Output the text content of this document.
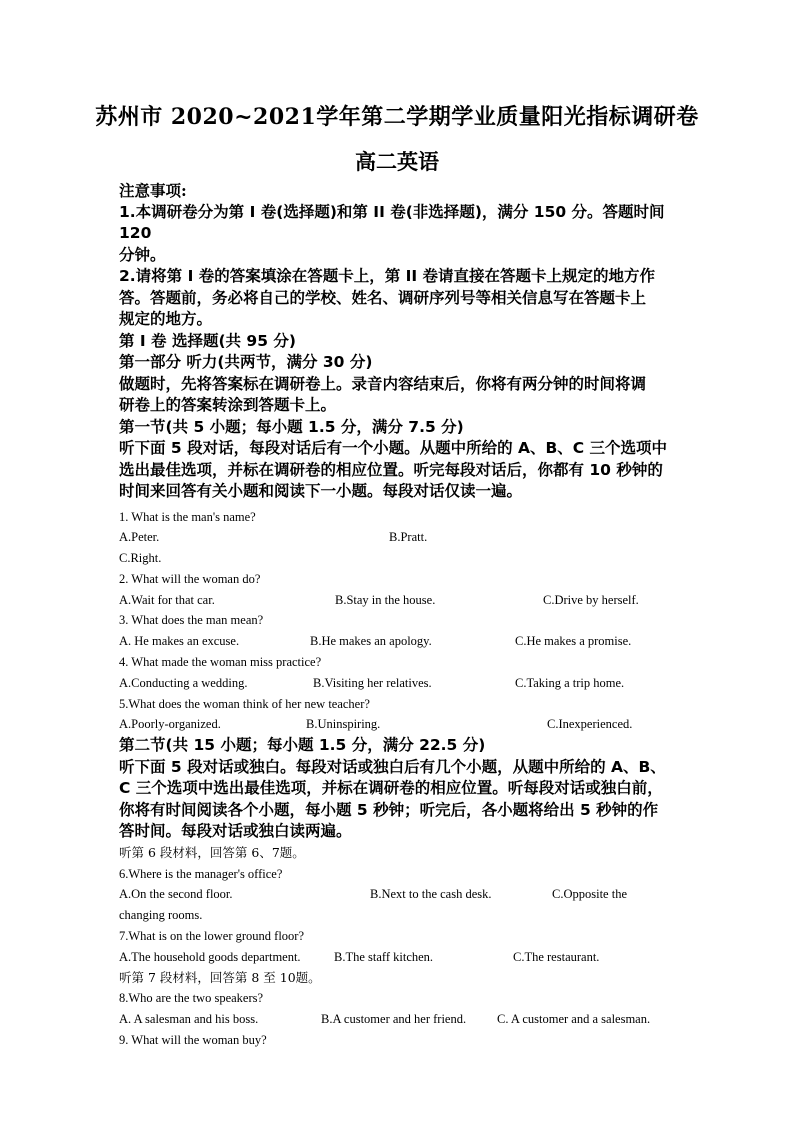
苏州市 2020~2021学年第二学期学业质量阳光指标调研卷
高二英语
注意事项:
1.本调研卷分为第 I 卷(选择题)和第 II 卷(非选择题)，满分 150 分。答题时间 120
分钟。
2.请将第 I 卷的答案填涂在答题卡上，第 II 卷请直接在答题卡上规定的地方作
答。答题前，务必将自己的学校、姓名、调研序列号等相关信息写在答题卡上
规定的地方。
第 I 卷 选择题(共 95 分)
第一部分 听力(共两节，满分 30 分)
做题时，先将答案标在调研卷上。录音内容结束后，你将有两分钟的时间将调
研卷上的答案转涂到答题卡上。
第一节(共 5 小题；每小题 1.5 分，满分 7.5 分)
听下面 5 段对话，每段对话后有一个小题。从题中所给的 A、B、C 三个选项中
选出最佳选项，并标在调研卷的相应位置。听完每段对话后，你都有 10 秒钟的
时间来回答有关小题和阅读下一小题。每段对话仅读一遍。
1. What is the man's name?
A.Peter.	B.Pratt.
C.Right.
2. What will the woman do?
A.Wait for that car.	B.Stay in the house.	C.Drive by herself.
3. What does the man mean?
A. He makes an excuse.	B.He makes an apology.	C.He makes a promise.
4. What made the woman miss practice?
A.Conducting a wedding.	B.Visiting her relatives.	C.Taking a trip home.
5.What does the woman think of her new teacher?
A.Poorly-organized.	B.Uninspiring.	C.Inexperienced.
第二节(共 15 小题；每小题 1.5 分，满分 22.5 分)
听下面 5 段对话或独白。每段对话或独白后有几个小题，从题中所给的 A、B、
C 三个选项中选出最佳选项，并标在调研卷的相应位置。听每段对话或独白前，
你将有时间阅读各个小题，每小题 5 秒钟；听完后，各小题将给出 5 秒钟的作
答时间。每段对话或独白读两遍。
听第 6 段材料，回答第 6、7题。
6.Where is the manager's office?
A.On the second floor.	B.Next to the cash desk.	C.Opposite the
changing rooms.
7.What is on the lower ground floor?
A.The household goods department.	B.The staff kitchen.	C.The restaurant.
听第 7 段材料，回答第 8 至 10题。
8.Who are the two speakers?
A. A salesman and his boss.	B.A customer and her friend. C. A customer and a salesman.
9. What will the woman buy?
